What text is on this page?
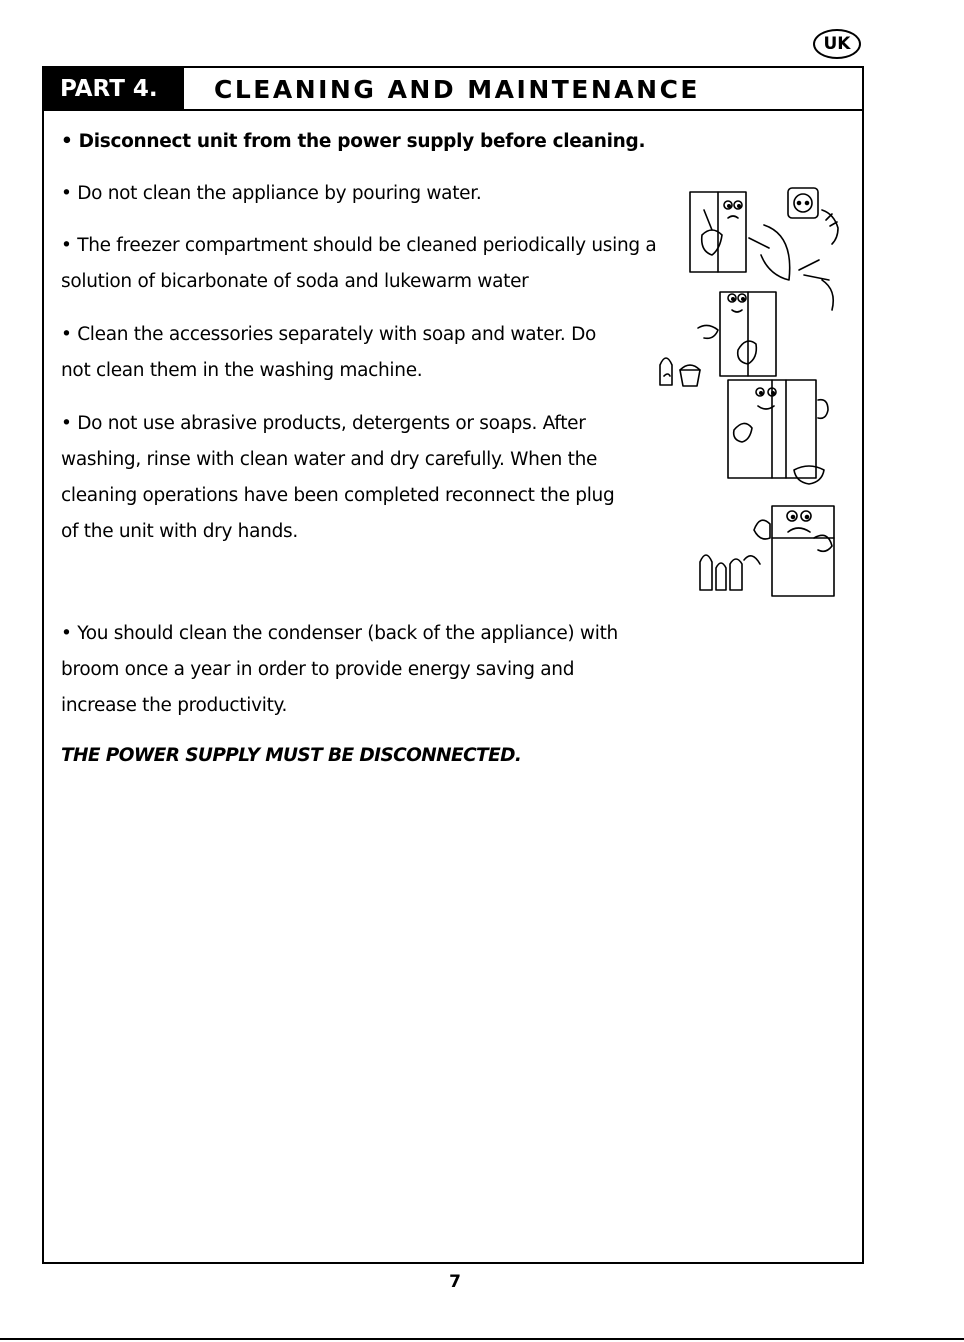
UK
PART 4.	CLEANING AND MAINTENANCE
• Disconnect unit from the power supply before cleaning.
• Do not clean the appliance by pouring water.
• The freezer compartment should be cleaned periodically using a
solution of bicarbonate of soda and lukewarm water
• Clean the accessories separately with soap and water. Do
not clean them in the washing machine.
• Do not use abrasive products, detergents or soaps. After
washing, rinse with clean water and dry carefully. When the
cleaning operations have been completed reconnect the plug
of the unit with dry hands.
• You should clean the condenser (back of the appliance) with
broom once a year in order to provide energy saving and
increase the productivity.
THE POWER SUPPLY MUST BE DISCONNECTED.
7
